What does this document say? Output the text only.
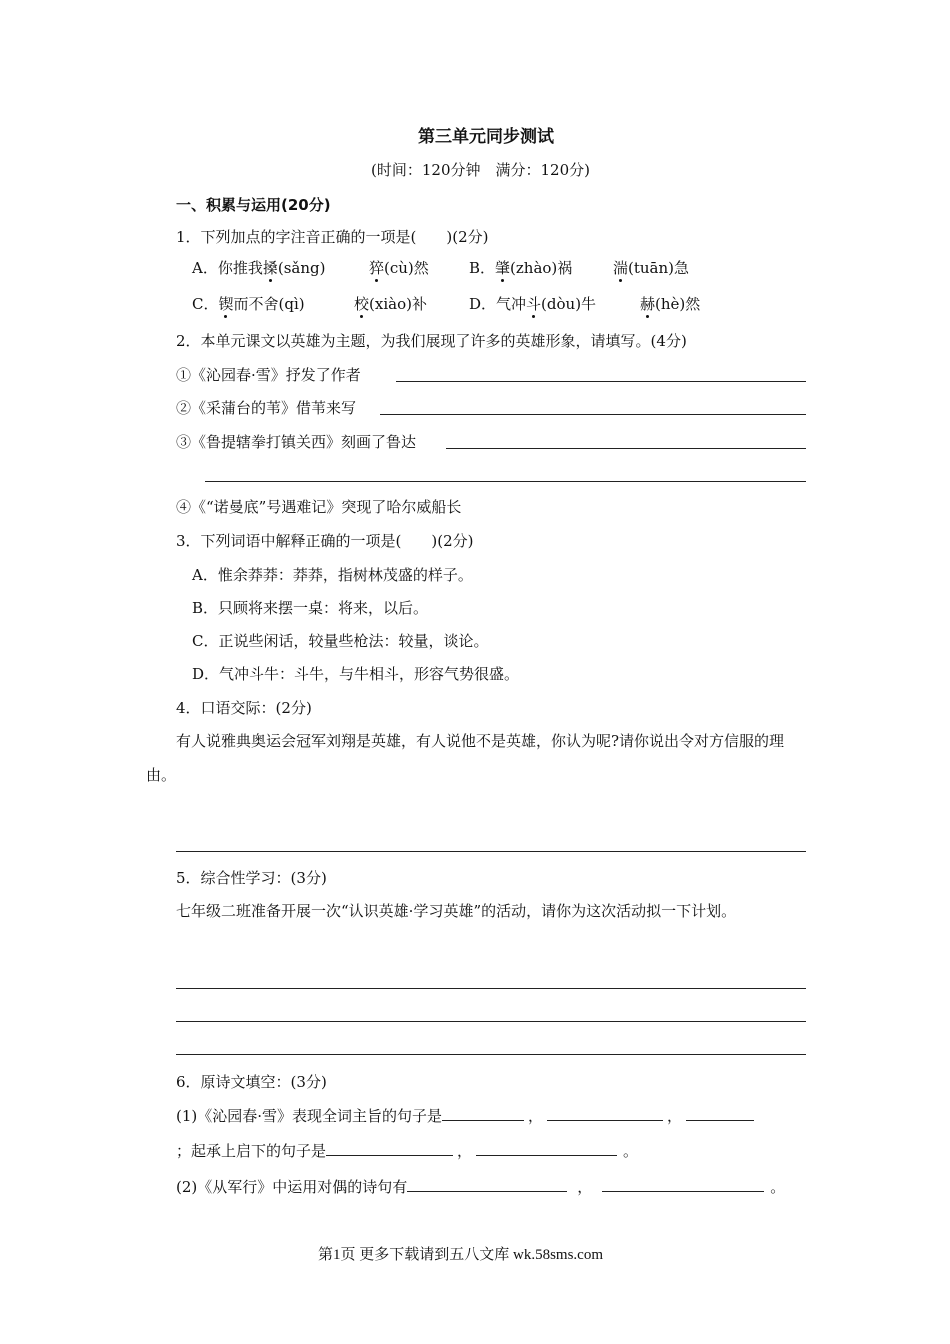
第三单元同步测试
(时间：120分钟　满分：120分)
一、积累与运用(20分)
1．下列加点的字注音正确的一项是(　　)(2分)
A．你推我搡(sǎng)	猝(cù)然	B．肇(zhào)祸	湍(tuān)急
C．锲而不舍(qì)	校(xiào)补	D．气冲斗(dòu)牛	赫(hè)然
2．本单元课文以英雄为主题，为我们展现了许多的英雄形象，请填写。(4分)
①《沁园春·雪》抒发了作者
②《采蒲台的苇》借苇来写
③《鲁提辖拳打镇关西》刻画了鲁达
④《“诺曼底”号遇难记》突现了哈尔威船长
3．下列词语中解释正确的一项是(　　)(2分)
A．惟余莽莽：莽莽，指树林茂盛的样子。
B．只顾将来摆一桌：将来，以后。
C．正说些闲话，较量些枪法：较量，谈论。
D．气冲斗牛：斗牛，与牛相斗，形容气势很盛。
4．口语交际：(2分)
有人说雅典奥运会冠军刘翔是英雄，有人说他不是英雄，你认为呢?请你说出令对方信服的理由。
5．综合性学习：(3分)
七年级二班准备开展一次“认识英雄·学习英雄”的活动，请你为这次活动拟一下计划。
6．原诗文填空：(3分)
(1)《沁园春·雪》表现全词主旨的句子是	，	，
；起承上启下的句子是	，	。
(2)《从军行》中运用对偶的诗句有	，	。
第1页 更多下载请到五八文库 wk.58sms.com
